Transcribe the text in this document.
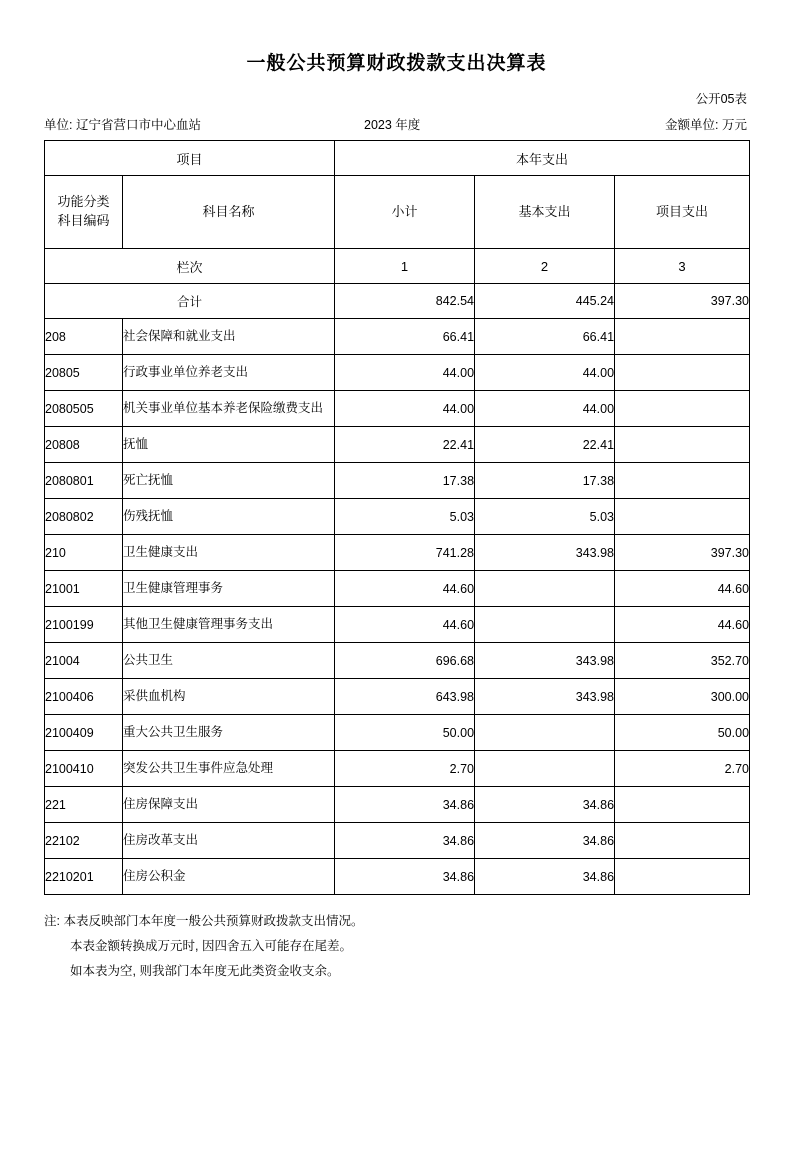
一般公共预算财政拨款支出决算表
公开05表
单位: 辽宁省营口市中心血站	2023 年度	金额单位: 万元
项目		本年支出		
功能分类
科目编码	科目名称	小计	基本支出	项目支出
栏次		1	2	3
合计		842.54	445.24	397.30
208	社会保障和就业支出	66.41	66.41	
20805	行政事业单位养老支出	44.00	44.00	
2080505	机关事业单位基本养老保险缴费支出	44.00	44.00	
20808	抚恤	22.41	22.41	
2080801	死亡抚恤	17.38	17.38	
2080802	伤残抚恤	5.03	5.03	
210	卫生健康支出	741.28	343.98	397.30
21001	卫生健康管理事务	44.60		44.60
2100199	其他卫生健康管理事务支出	44.60		44.60
21004	公共卫生	696.68	343.98	352.70
2100406	采供血机构	643.98	343.98	300.00
2100409	重大公共卫生服务	50.00		50.00
2100410	突发公共卫生事件应急处理	2.70		2.70
221	住房保障支出	34.86	34.86	
22102	住房改革支出	34.86	34.86	
2210201	住房公积金	34.86	34.86	
注: 本表反映部门本年度一般公共预算财政拨款支出情况。
本表金额转换成万元时, 因四舍五入可能存在尾差。
如本表为空, 则我部门本年度无此类资金收支余。
